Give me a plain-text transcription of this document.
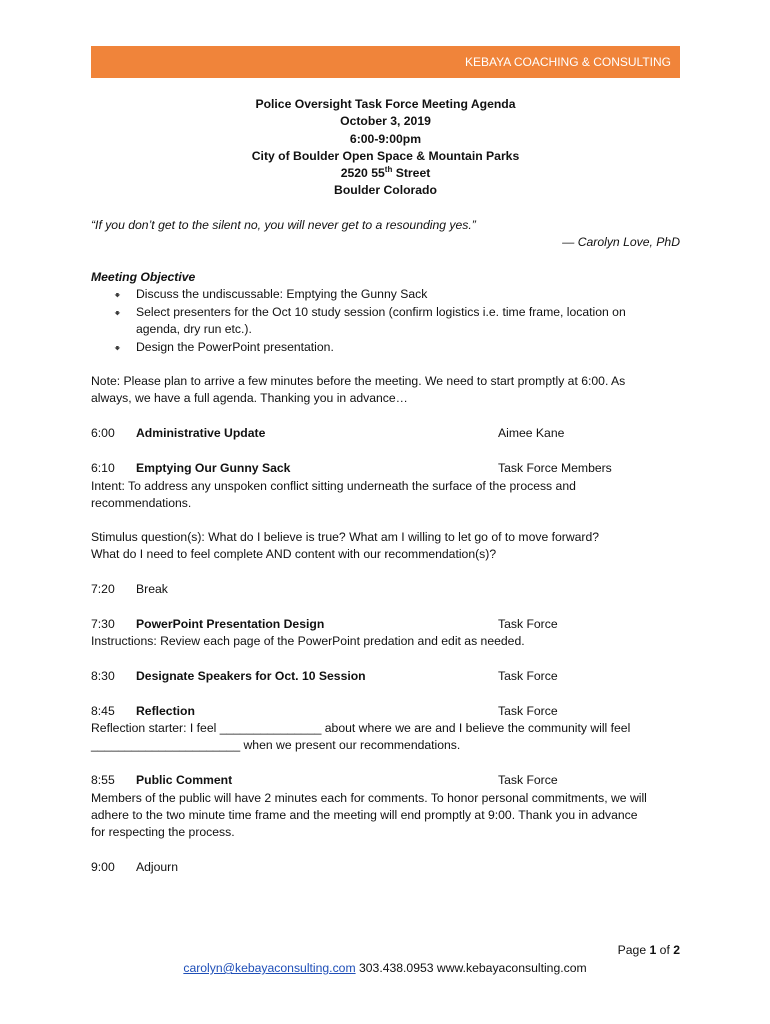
KEBAYA COACHING & CONSULTING
Police Oversight Task Force Meeting Agenda
October 3, 2019
6:00-9:00pm
City of Boulder Open Space & Mountain Parks
2520 55th Street
Boulder Colorado
“If you don’t get to the silent no, you will never get to a resounding yes.”
― Carolyn Love, PhD
Meeting Objective
🠻 Discuss the undiscussable: Emptying the Gunny Sack
🠻 Select presenters for the Oct 10 study session (confirm logistics i.e. time frame, location on
agenda, dry run etc.).
🠻 Design the PowerPoint presentation.
Note: Please plan to arrive a few minutes before the meeting. We need to start promptly at 6:00. As
always, we have a full agenda. Thanking you in advance…
6:00 Administrative Update	Aimee Kane
6:10 Emptying Our Gunny Sack	Task Force Members
Intent: To address any unspoken conflict sitting underneath the surface of the process and
recommendations.
Stimulus question(s): What do I believe is true? What am I willing to let go of to move forward?
What do I need to feel complete AND content with our recommendation(s)?
7:20 Break
7:30 PowerPoint Presentation Design	Task Force
Instructions: Review each page of the PowerPoint predation and edit as needed.
8:30 Designate Speakers for Oct. 10 Session	Task Force
8:45 Reflection	Task Force
Reflection starter: I feel _______________ about where we are and I believe the community will feel
______________________ when we present our recommendations.
8:55 Public Comment	Task Force
Members of the public will have 2 minutes each for comments. To honor personal commitments, we will
adhere to the two minute time frame and the meeting will end promptly at 9:00. Thank you in advance
for respecting the process.
9:00 Adjourn
Page 1 of 2
carolyn@kebayaconsulting.com 303.438.0953 www.kebayaconsulting.com
